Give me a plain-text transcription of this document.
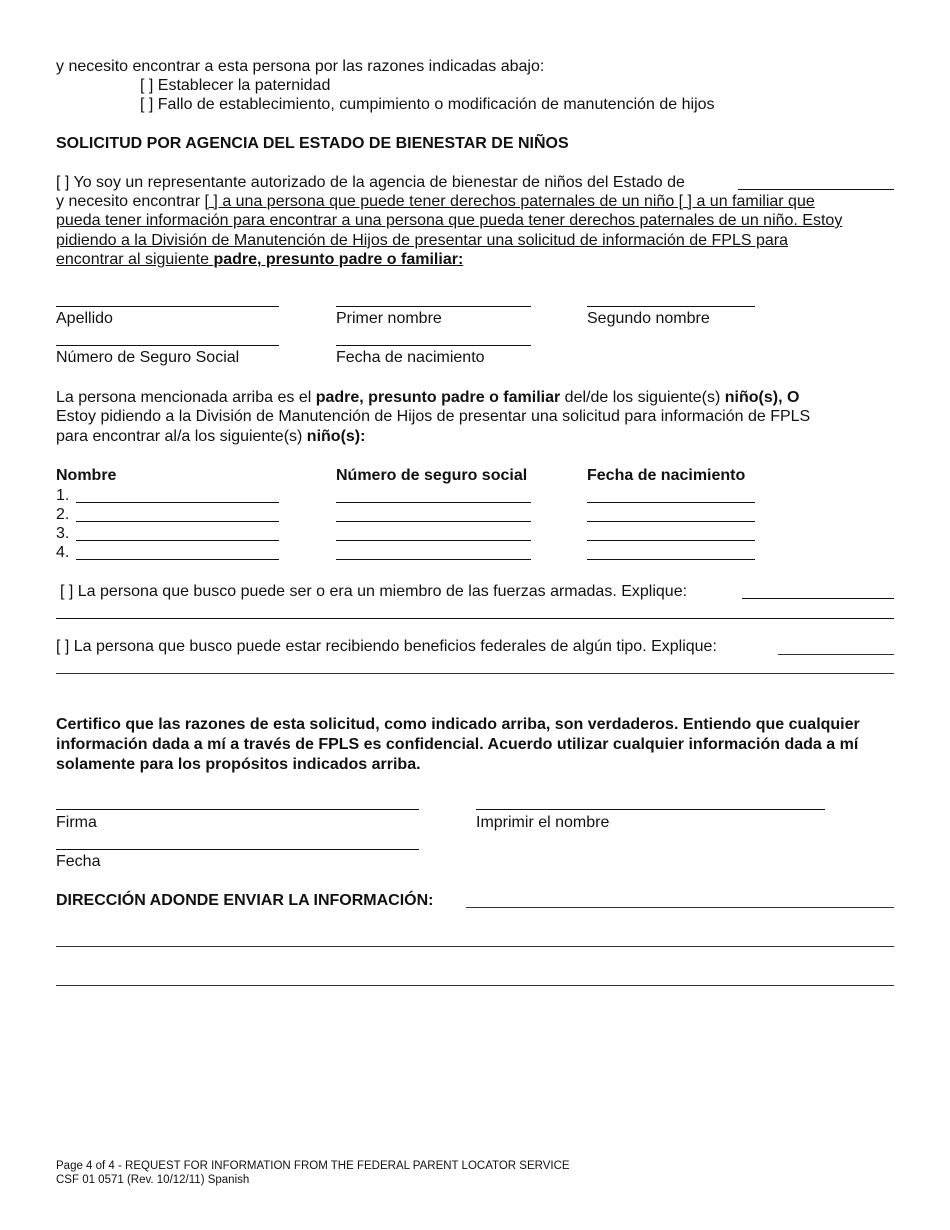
y necesito encontrar a esta persona por las razones indicadas abajo:
[ ] Establecer la paternidad
[ ] Fallo de establecimiento, cumpimiento o modificación de manutención de hijos
SOLICITUD POR AGENCIA DEL ESTADO DE BIENESTAR DE NIÑOS
[ ] Yo soy un representante autorizado de la agencia de bienestar de niños del Estado de
y necesito encontrar [ ] a una persona que puede tener derechos paternales de un niño [ ] a un familiar que
pueda tener información para encontrar a una persona que pueda tener derechos paternales de un niño. Estoy
pidiendo a la División de Manutención de Hijos de presentar una solicitud de información de FPLS para
encontrar al siguiente padre, presunto padre o familiar:
Apellido	Primer nombre	Segundo nombre
Número de Seguro Social	Fecha de nacimiento
La persona mencionada arriba es el padre, presunto padre o familiar del/de los siguiente(s) niño(s), O
Estoy pidiendo a la División de Manutención de Hijos de presentar una solicitud para información de FPLS
para encontrar al/a los siguiente(s) niño(s):
Nombre	Número de seguro social	Fecha de nacimiento
1.
2.
3.
4.
[ ] La persona que busco puede ser o era un miembro de las fuerzas armadas. Explique:
[ ] La persona que busco puede estar recibiendo beneficios federales de algún tipo. Explique:
Certifico que las razones de esta solicitud, como indicado arriba, son verdaderos. Entiendo que cualquier
información dada a mí a través de FPLS es confidencial. Acuerdo utilizar cualquier información dada a mí
solamente para los propósitos indicados arriba.
Firma	Imprimir el nombre
Fecha
DIRECCIÓN ADONDE ENVIAR LA INFORMACIÓN:
Page 4 of 4 - REQUEST FOR INFORMATION FROM THE FEDERAL PARENT LOCATOR SERVICE
CSF 01 0571 (Rev. 10/12/11) Spanish
